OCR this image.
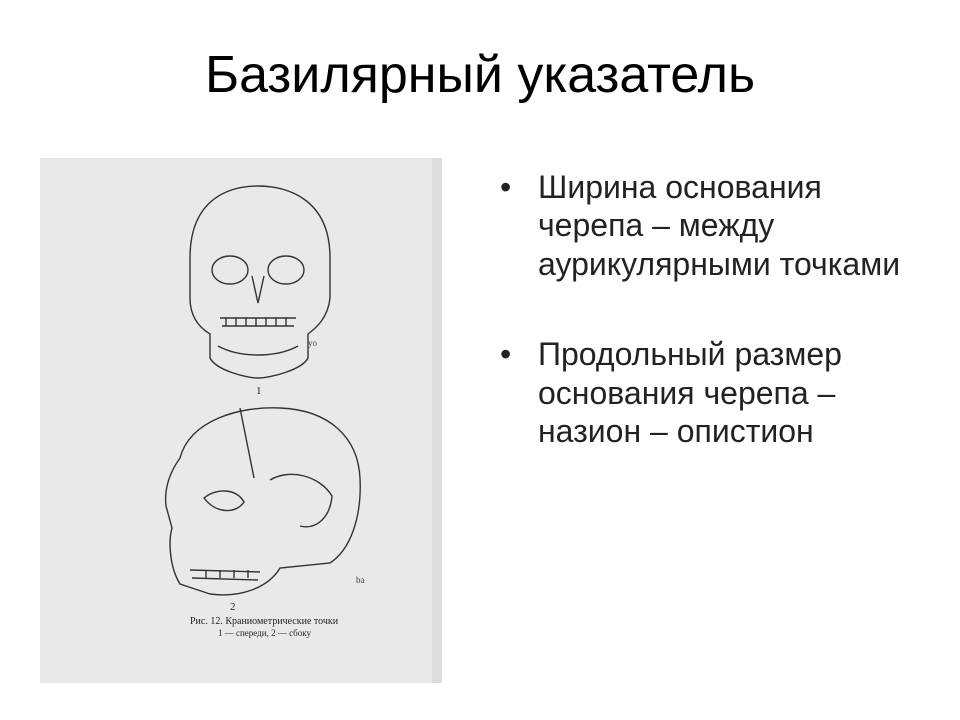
Базилярный указатель
yo
ba
1
2
Рис. 12. Краниометрические точки
1 — спереди, 2 — сбоку
• Ширина основания черепа – между аурикулярными точками
• Продольный размер основания черепа – назион – опистион
